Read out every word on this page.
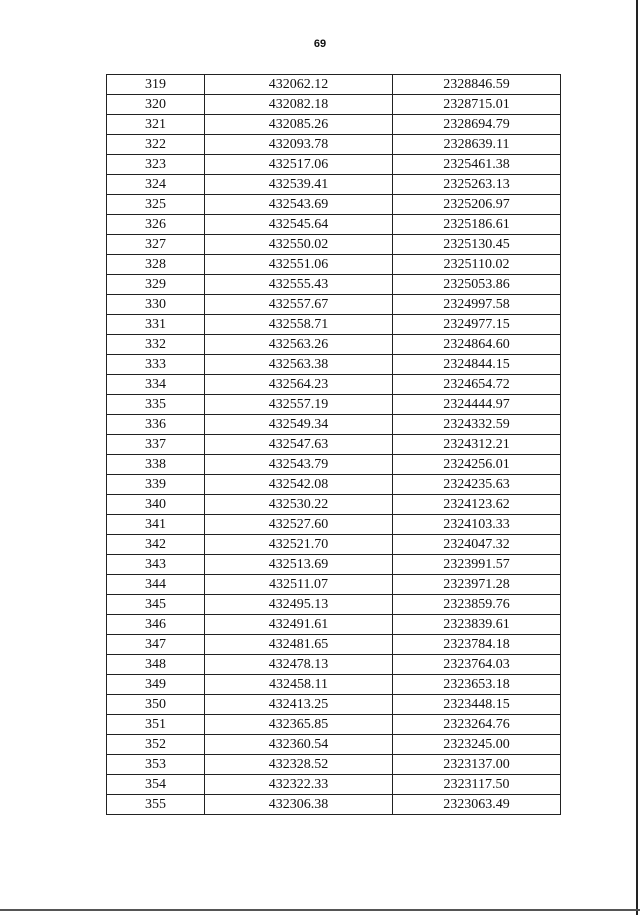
69
319	432062.12	2328846.59
320	432082.18	2328715.01
321	432085.26	2328694.79
322	432093.78	2328639.11
323	432517.06	2325461.38
324	432539.41	2325263.13
325	432543.69	2325206.97
326	432545.64	2325186.61
327	432550.02	2325130.45
328	432551.06	2325110.02
329	432555.43	2325053.86
330	432557.67	2324997.58
331	432558.71	2324977.15
332	432563.26	2324864.60
333	432563.38	2324844.15
334	432564.23	2324654.72
335	432557.19	2324444.97
336	432549.34	2324332.59
337	432547.63	2324312.21
338	432543.79	2324256.01
339	432542.08	2324235.63
340	432530.22	2324123.62
341	432527.60	2324103.33
342	432521.70	2324047.32
343	432513.69	2323991.57
344	432511.07	2323971.28
345	432495.13	2323859.76
346	432491.61	2323839.61
347	432481.65	2323784.18
348	432478.13	2323764.03
349	432458.11	2323653.18
350	432413.25	2323448.15
351	432365.85	2323264.76
352	432360.54	2323245.00
353	432328.52	2323137.00
354	432322.33	2323117.50
355	432306.38	2323063.49
